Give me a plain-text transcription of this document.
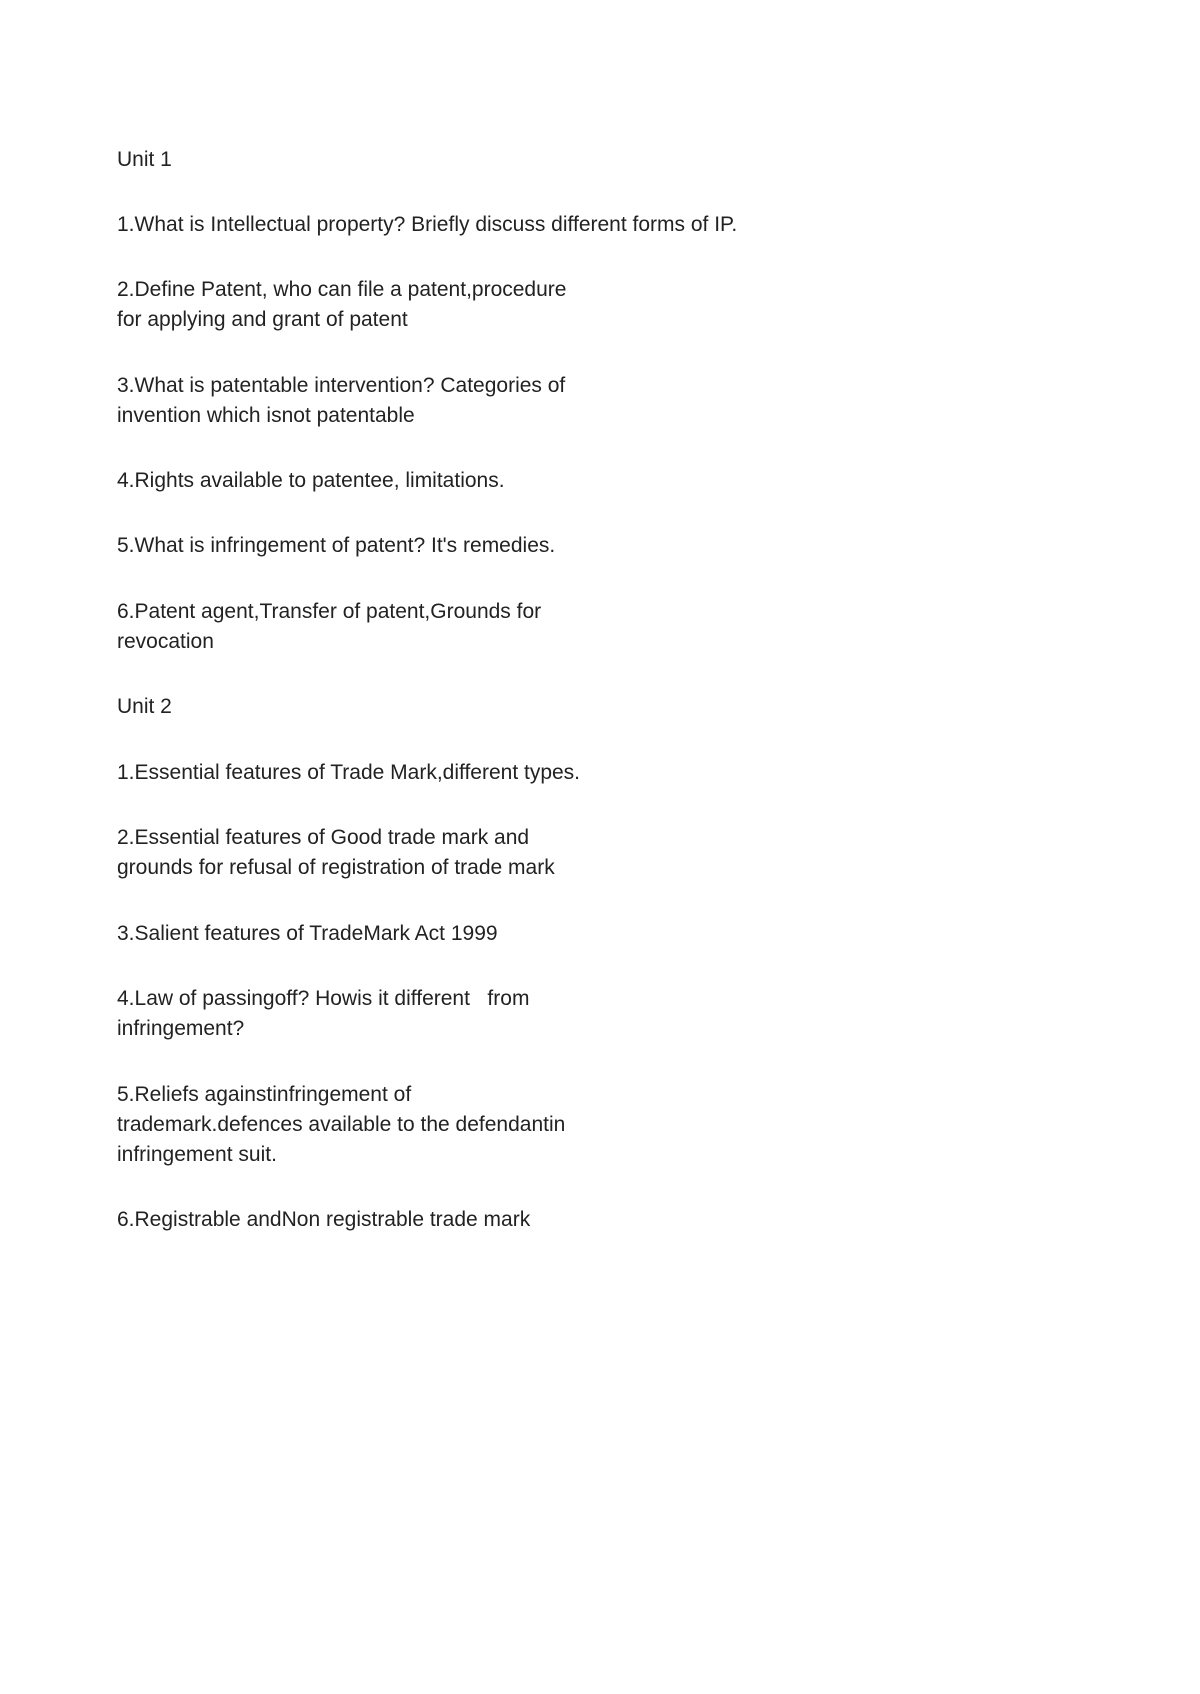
Unit 1
1.What is Intellectual property? Briefly discuss different forms of IP.
2.Define Patent, who can file a patent,procedure
for applying and grant of patent
3.What is patentable intervention? Categories of
invention which isnot patentable
4.Rights available to patentee, limitations.
5.What is infringement of patent? It's remedies.
6.Patent agent,Transfer of patent,Grounds for
revocation
Unit 2
1.Essential features of Trade Mark,different types.
2.Essential features of Good trade mark and
grounds for refusal of registration of trade mark
3.Salient features of TradeMark Act 1999
4.Law of passingoff? Howis it different   from
infringement?
5.Reliefs againstinfringement of
trademark.defences available to the defendantin
infringement suit.
6.Registrable andNon registrable trade mark
